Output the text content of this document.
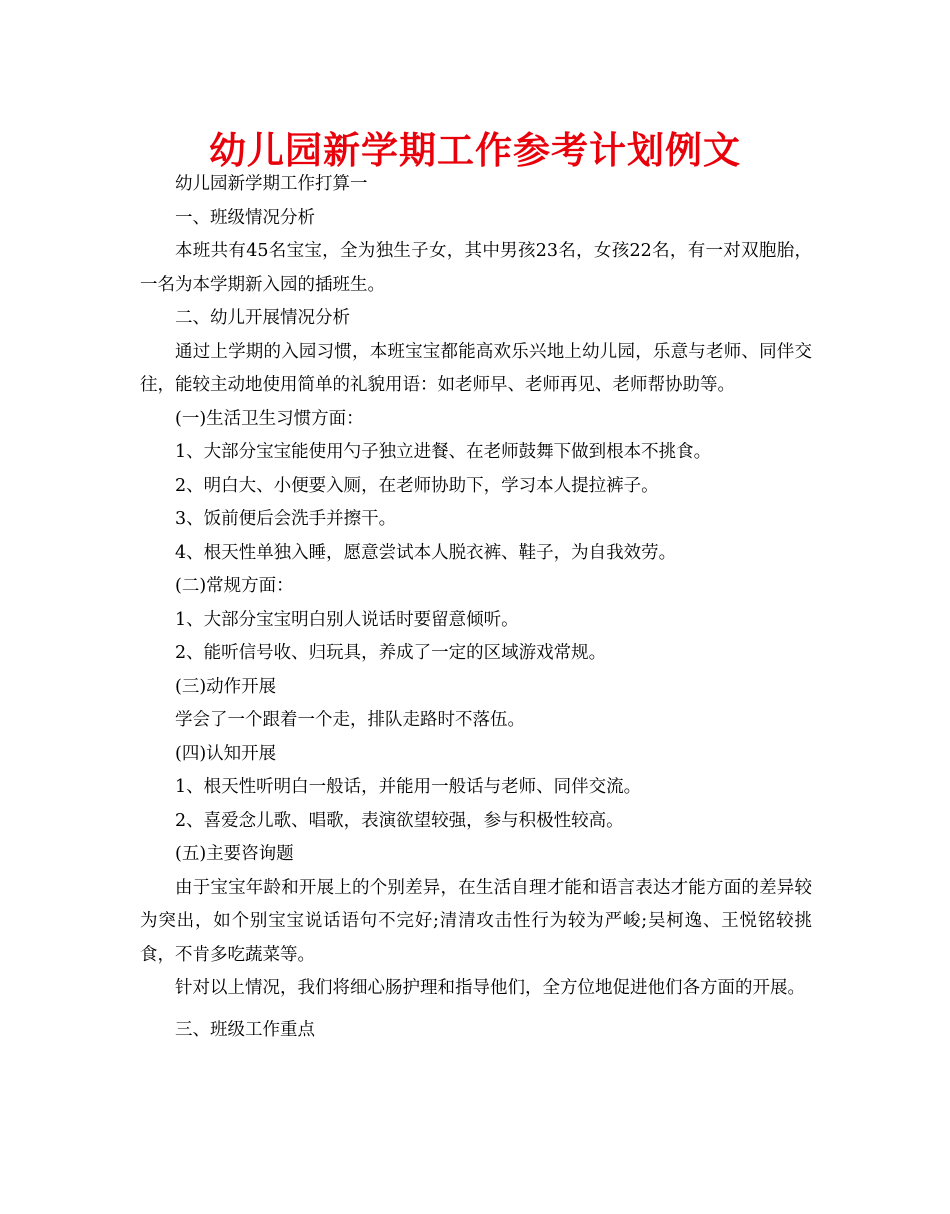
幼儿园新学期工作参考计划例文

幼儿园新学期工作打算一

一、班级情况分析

本班共有45名宝宝，全为独生子女，其中男孩23名，女孩22名，有一对双胞胎，一名为本学期新入园的插班生。

二、幼儿开展情况分析

通过上学期的入园习惯，本班宝宝都能高欢乐兴地上幼儿园，乐意与老师、同伴交往，能较主动地使用简单的礼貌用语：如老师早、老师再见、老师帮协助等。

(一)生活卫生习惯方面：

1、大部分宝宝能使用勺子独立进餐、在老师鼓舞下做到根本不挑食。

2、明白大、小便要入厕，在老师协助下，学习本人提拉裤子。

3、饭前便后会洗手并擦干。

4、根天性单独入睡，愿意尝试本人脱衣裤、鞋子，为自我效劳。

(二)常规方面：

1、大部分宝宝明白别人说话时要留意倾听。

2、能听信号收、归玩具，养成了一定的区域游戏常规。

(三)动作开展

学会了一个跟着一个走，排队走路时不落伍。

(四)认知开展

1、根天性听明白一般话，并能用一般话与老师、同伴交流。

2、喜爱念儿歌、唱歌，表演欲望较强，参与积极性较高。

(五)主要咨询题

由于宝宝年龄和开展上的个别差异，在生活自理才能和语言表达才能方面的差异较为突出，如个别宝宝说话语句不完好;清清攻击性行为较为严峻;吴柯逸、王悦铭较挑食，不肯多吃蔬菜等。

针对以上情况，我们将细心肠护理和指导他们，全方位地促进他们各方面的开展。

三、班级工作重点
